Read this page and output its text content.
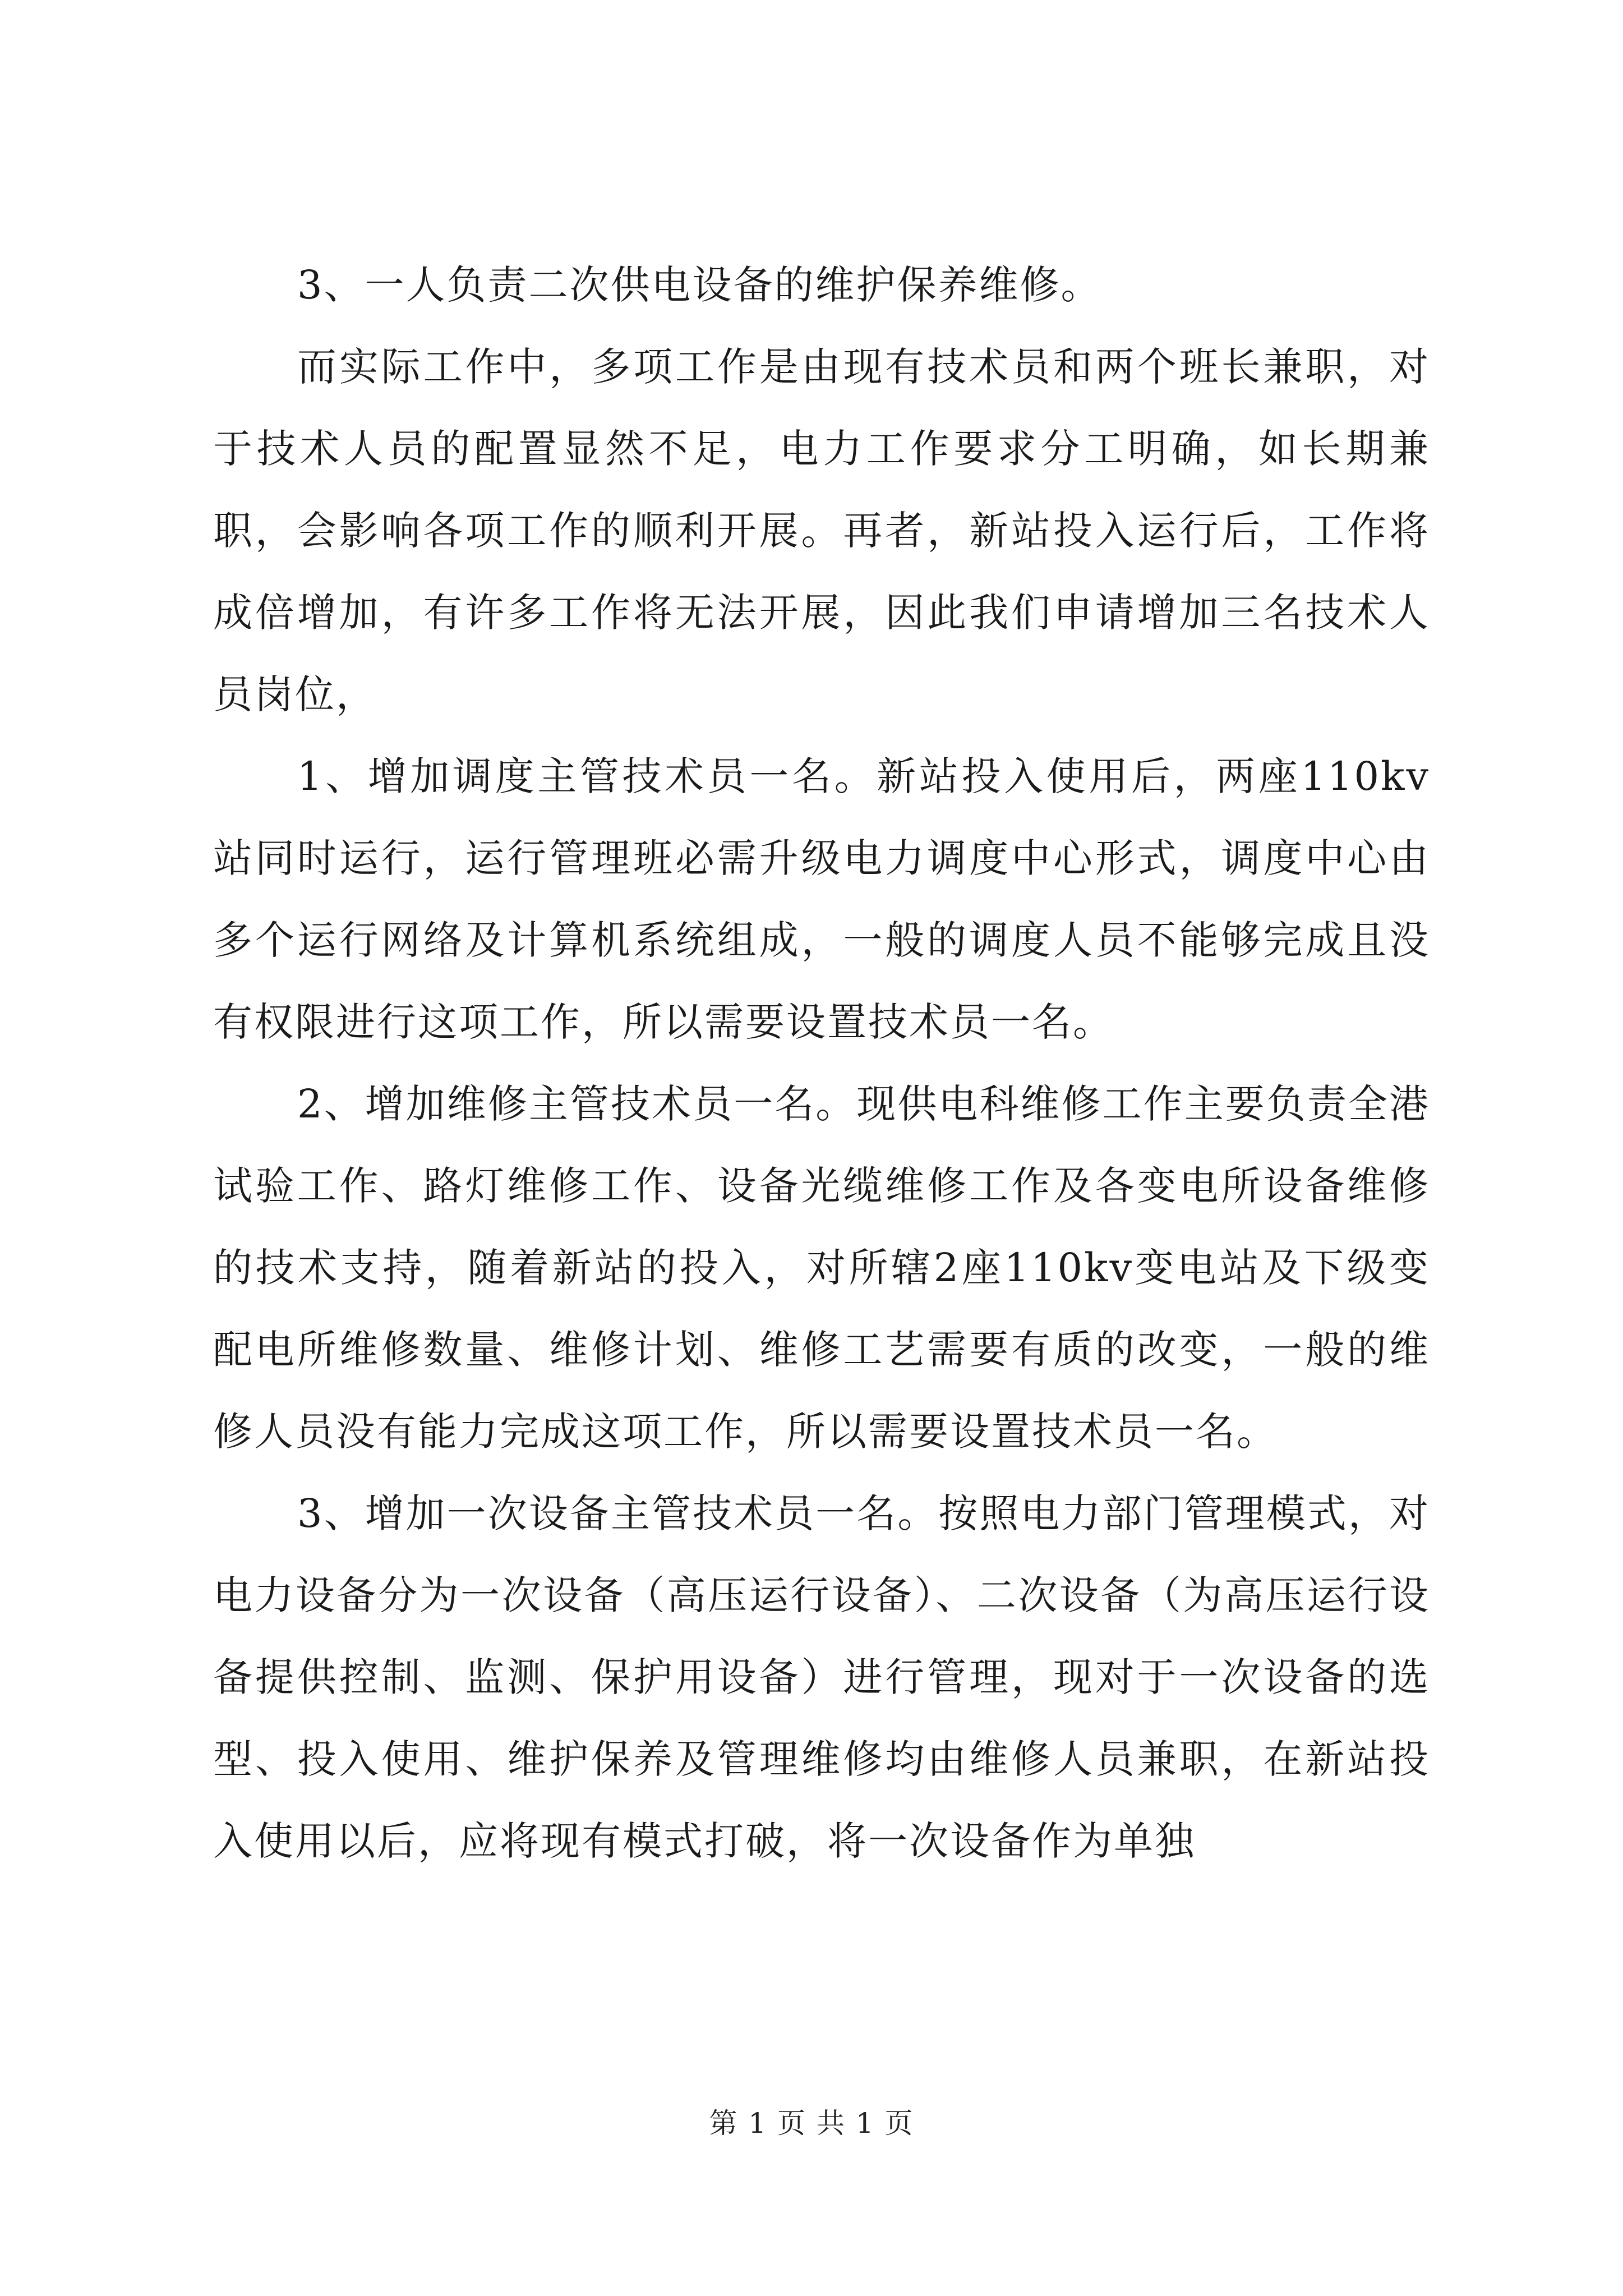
3、一人负责二次供电设备的维护保养维修。

而实际工作中，多项工作是由现有技术员和两个班长兼职，对于技术人员的配置显然不足，电力工作要求分工明确，如长期兼职，会影响各项工作的顺利开展。再者，新站投入运行后，工作将成倍增加，有许多工作将无法开展，因此我们申请增加三名技术人员岗位，

1、增加调度主管技术员一名。新站投入使用后，两座110kv站同时运行，运行管理班必需升级电力调度中心形式，调度中心由多个运行网络及计算机系统组成，一般的调度人员不能够完成且没有权限进行这项工作，所以需要设置技术员一名。

2、增加维修主管技术员一名。现供电科维修工作主要负责全港试验工作、路灯维修工作、设备光缆维修工作及各变电所设备维修的技术支持，随着新站的投入，对所辖2座110kv变电站及下级变配电所维修数量、维修计划、维修工艺需要有质的改变，一般的维修人员没有能力完成这项工作，所以需要设置技术员一名。

3、增加一次设备主管技术员一名。按照电力部门管理模式，对电力设备分为一次设备（高压运行设备）、二次设备（为高压运行设备提供控制、监测、保护用设备）进行管理，现对于一次设备的选型、投入使用、维护保养及管理维修均由维修人员兼职，在新站投入使用以后，应将现有模式打破，将一次设备作为单独

第 1 页 共 1 页
